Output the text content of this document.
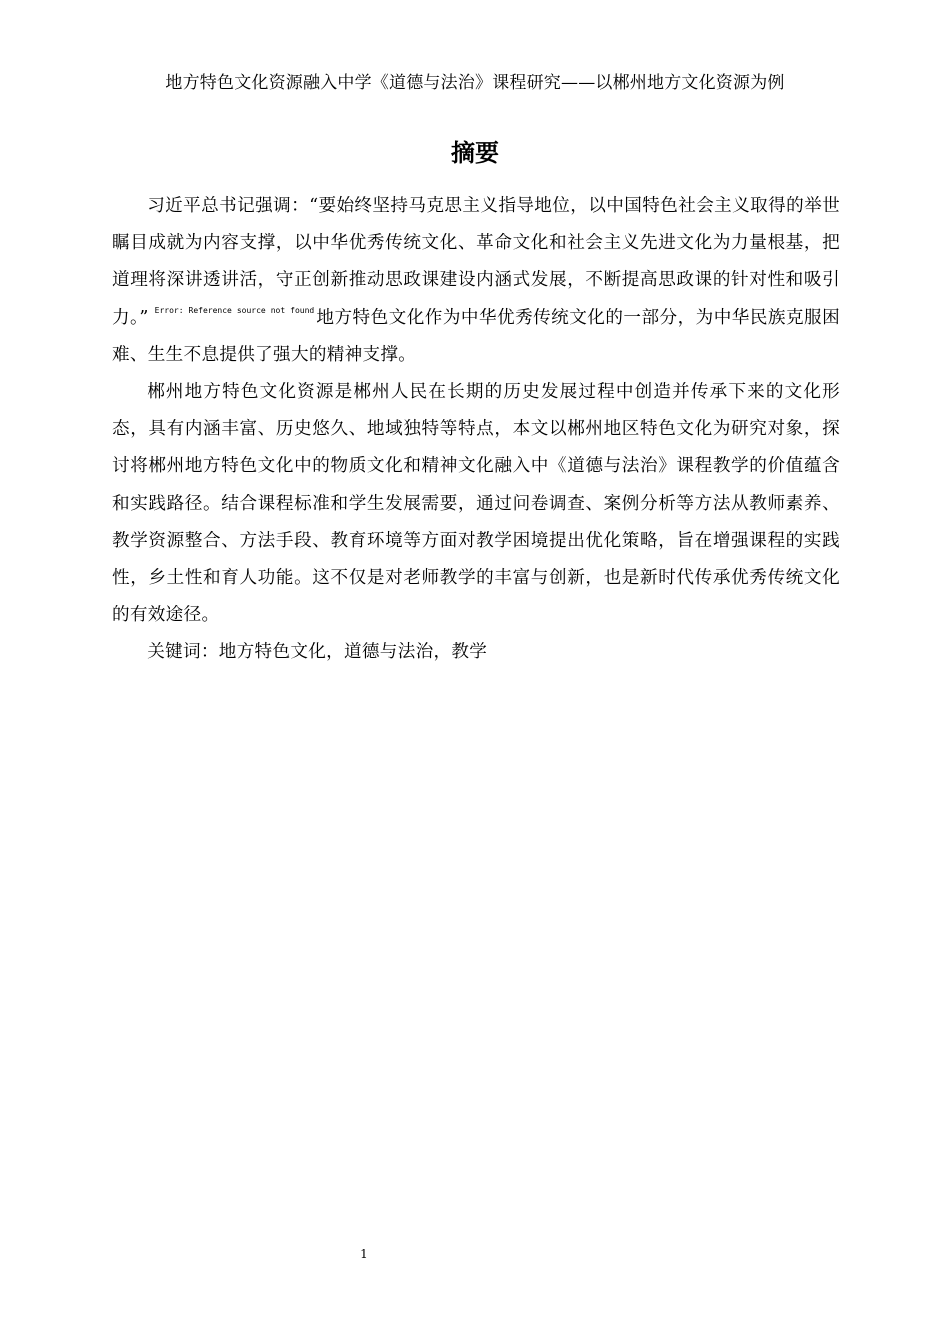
地方特色文化资源融入中学《道德与法治》课程研究——以郴州地方文化资源为例
摘要

习近平总书记强调：“要始终坚持马克思主义指导地位，以中国特色社会主义取得的举世瞩目成就为内容支撑，以中华优秀传统文化、革命文化和社会主义先进文化为力量根基，把道理将深讲透讲活，守正创新推动思政课建设内涵式发展，不断提高思政课的针对性和吸引力。” $^{Error: Reference source not found}$ 地方特色文化作为中华优秀传统文化的一部分，为中华民族克服困难、生生不息提供了强大的精神支撑。

郴州地方特色文化资源是郴州人民在长期的历史发展过程中创造并传承下来的文化形态，具有内涵丰富、历史悠久、地域独特等特点，本文以郴州地区特色文化为研究对象，探讨将郴州地方特色文化中的物质文化和精神文化融入中《道德与法治》课程教学的价值蕴含和实践路径。结合课程标准和学生发展需要，通过问卷调查、案例分析等方法从教师素养、教学资源整合、方法手段、教育环境等方面对教学困境提出优化策略，旨在增强课程的实践性，乡土性和育人功能。这不仅是对老师教学的丰富与创新，也是新时代传承优秀传统文化的有效途径。

关键词：地方特色文化，道德与法治，教学

1
